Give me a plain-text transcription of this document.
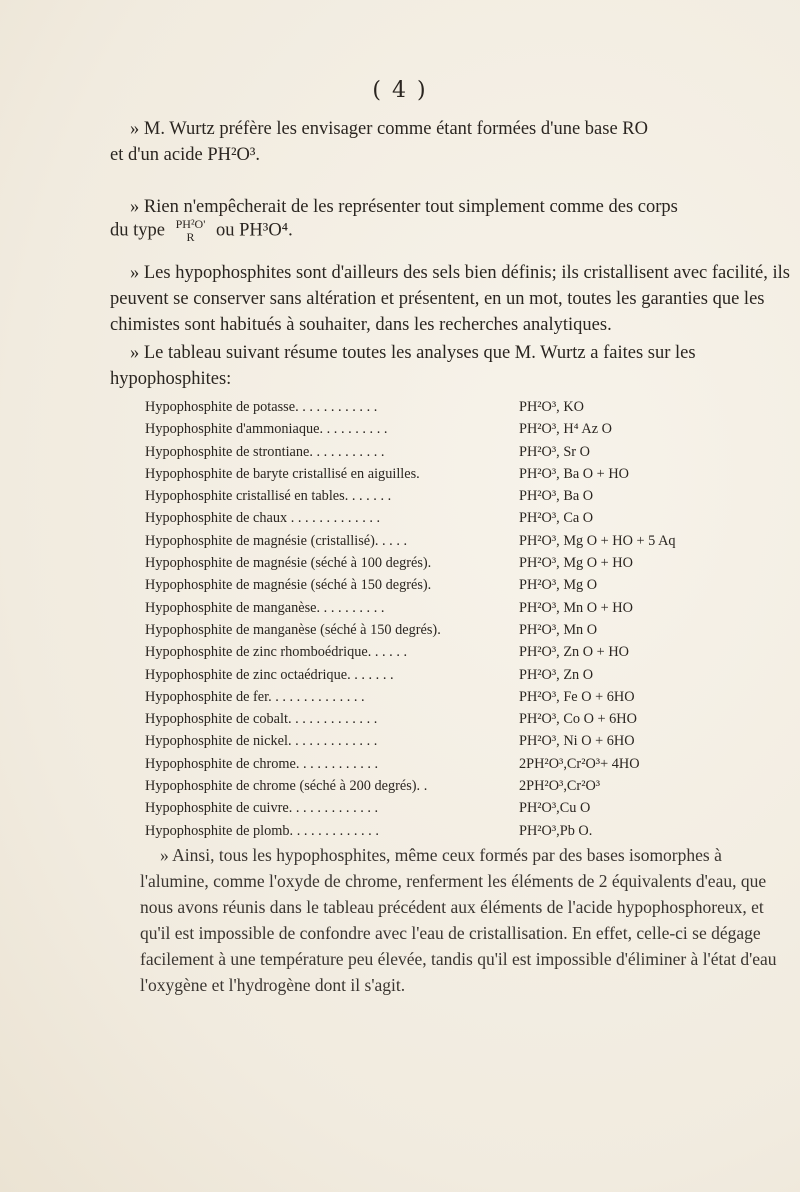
( 4 )
» M. Wurtz préfère les envisager comme étant formées d'une base RO
et d'un acide PH²O³.
» Rien n'empêcherait de les représenter tout simplement comme des corps
du type PH²O'
R	ou PH³O⁴.
» Les hypophosphites sont d'ailleurs des sels bien définis; ils cristallisent avec facilité, ils peuvent se conserver sans altération et présentent, en un mot, toutes les garanties que les chimistes sont habitués à souhaiter, dans les recherches analytiques.
» Le tableau suivant résume toutes les analyses que M. Wurtz a faites sur les hypophosphites:
Hypophosphite de potasse. . . . . . . . . . . .	PH²O³, KO
Hypophosphite d'ammoniaque. . . . . . . . . .	PH²O³, H⁴ Az O
Hypophosphite de strontiane. . . . . . . . . . .	PH²O³, Sr O
Hypophosphite de baryte cristallisé en aiguilles.	PH²O³, Ba O + HO
Hypophosphite cristallisé en tables. . . . . . .	PH²O³, Ba O
Hypophosphite de chaux . . . . . . . . . . . . .	PH²O³, Ca O
Hypophosphite de magnésie (cristallisé). . . . .	PH²O³, Mg O + HO + 5 Aq
Hypophosphite de magnésie (séché à 100 degrés).	PH²O³, Mg O + HO
Hypophosphite de magnésie (séché à 150 degrés).	PH²O³, Mg O
Hypophosphite de manganèse. . . . . . . . . .	PH²O³, Mn O + HO
Hypophosphite de manganèse (séché à 150 degrés).	PH²O³, Mn O
Hypophosphite de zinc rhomboédrique. . . . . .	PH²O³, Zn O + HO
Hypophosphite de zinc octaédrique. . . . . . .	PH²O³, Zn O
Hypophosphite de fer. . . . . . . . . . . . . .	PH²O³, Fe O + 6HO
Hypophosphite de cobalt. . . . . . . . . . . . .	PH²O³, Co O + 6HO
Hypophosphite de nickel. . . . . . . . . . . . .	PH²O³, Ni O + 6HO
Hypophosphite de chrome. . . . . . . . . . . .	2PH²O³,Cr²O³+ 4HO
Hypophosphite de chrome (séché à 200 degrés). .	2PH²O³,Cr²O³
Hypophosphite de cuivre. . . . . . . . . . . . .	PH²O³,Cu O
Hypophosphite de plomb. . . . . . . . . . . . .	PH²O³,Pb O.
» Ainsi, tous les hypophosphites, même ceux formés par des bases isomorphes à l'alumine, comme l'oxyde de chrome, renferment les éléments de 2 équivalents d'eau, que nous avons réunis dans le tableau précédent aux éléments de l'acide hypophosphoreux, et qu'il est impossible de confondre avec l'eau de cristallisation. En effet, celle-ci se dégage facilement à une température peu élevée, tandis qu'il est impossible d'éliminer à l'état d'eau l'oxygène et l'hydrogène dont il s'agit.
